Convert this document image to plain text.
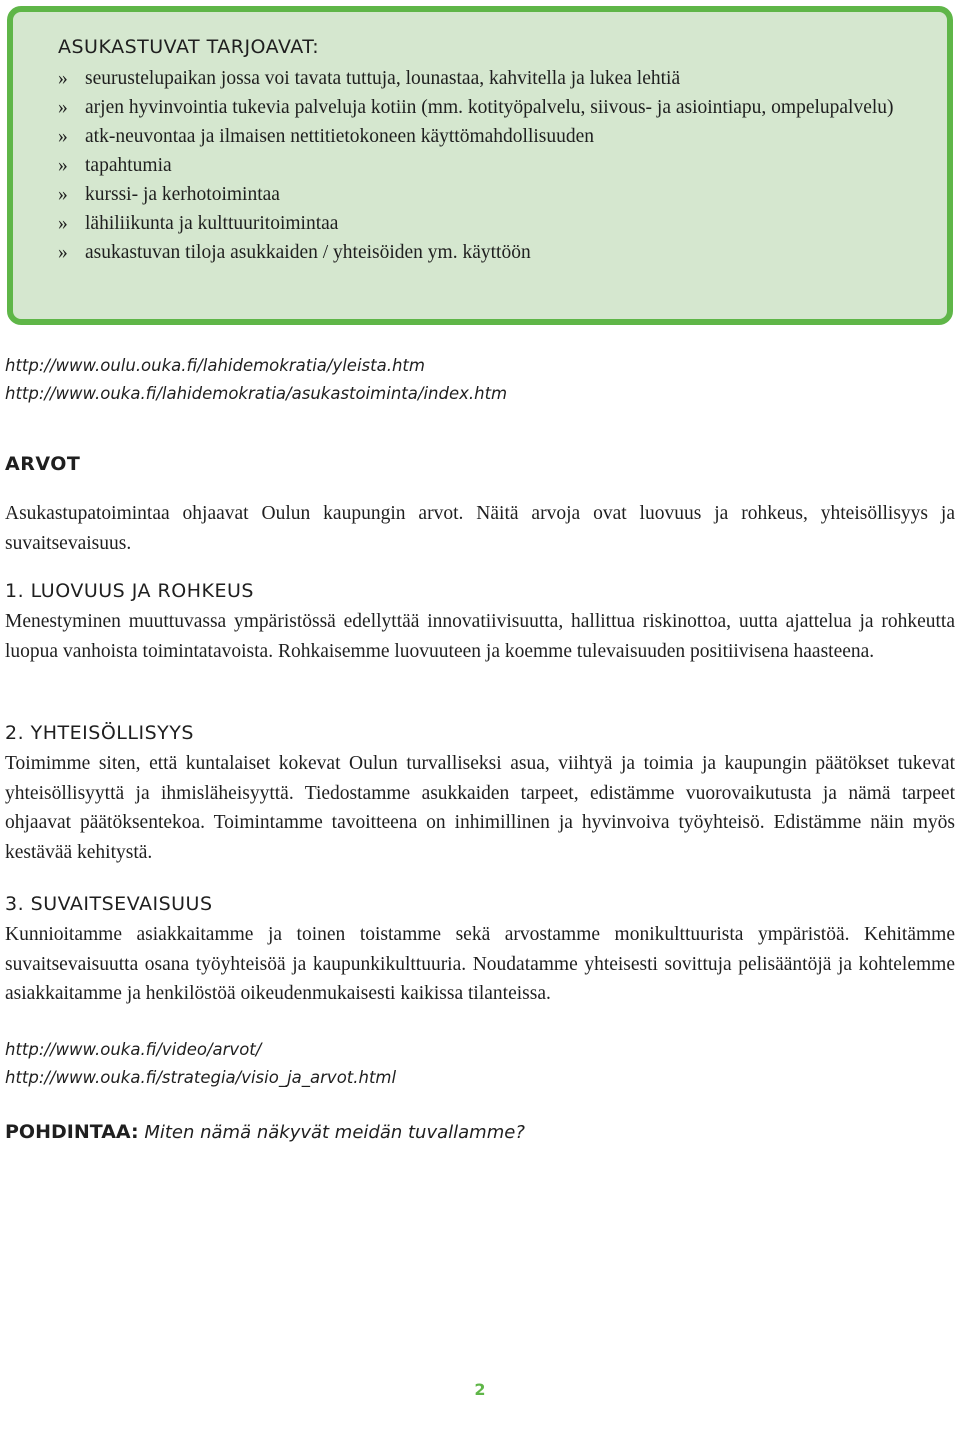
ASUKASTUVAT TARJOAVAT:
» seurustelupaikan jossa voi tavata tuttuja, lounastaa, kahvitella ja lukea lehtiä
» arjen hyvinvointia tukevia palveluja kotiin (mm. kotityöpalvelu, siivous- ja asiointiapu, ompelupalvelu)
» atk-neuvontaa ja ilmaisen nettitietokoneen käyttömahdollisuuden
» tapahtumia
» kurssi- ja kerhotoimintaa
» lähiliikunta ja kulttuuritoimintaa
» asukastuvan tiloja asukkaiden / yhteisöiden ym. käyttöön
http://www.oulu.ouka.fi/lahidemokratia/yleista.htm
http://www.ouka.fi/lahidemokratia/asukastoiminta/index.htm
ARVOT

Asukastupatoimintaa ohjaavat Oulun kaupungin arvot. Näitä arvoja ovat luovuus ja rohkeus, yhteisöllisyys ja suvaitsevaisuus.

1. LUOVUUS JA ROHKEUS

Menestyminen muuttuvassa ympäristössä edellyttää innovatiivisuutta, hallittua riskinottoa, uutta ajattelua ja rohkeutta luopua vanhoista toimintatavoista. Rohkaisemme luovuuteen ja koemme tulevaisuuden positiivisena haasteena.

2. YHTEISÖLLISYYS

Toimimme siten, että kuntalaiset kokevat Oulun turvalliseksi asua, viihtyä ja toimia ja kaupungin päätökset tukevat yhteisöllisyyttä ja ihmisläheisyyttä. Tiedostamme asukkaiden tarpeet, edistämme vuorovaikutusta ja nämä tarpeet ohjaavat päätöksentekoa. Toimintamme tavoitteena on inhimillinen ja hyvinvoiva työyhteisö. Edistämme näin myös kestävää kehitystä.

3. SUVAITSEVAISUUS

Kunnioitamme asiakkaitamme ja toinen toistamme sekä arvostamme monikulttuurista ympäristöä. Kehitämme suvaitsevaisuutta osana työyhteisöä ja kaupunkikulttuuria. Noudatamme yhteisesti sovittuja pelisääntöjä ja kohtelemme asiakkaitamme ja henkilöstöä oikeudenmukaisesti kaikissa tilanteissa.

http://www.ouka.fi/video/arvot/
http://www.ouka.fi/strategia/visio_ja_arvot.html
POHDINTAA: Miten nämä näkyvät meidän tuvallamme?
2
